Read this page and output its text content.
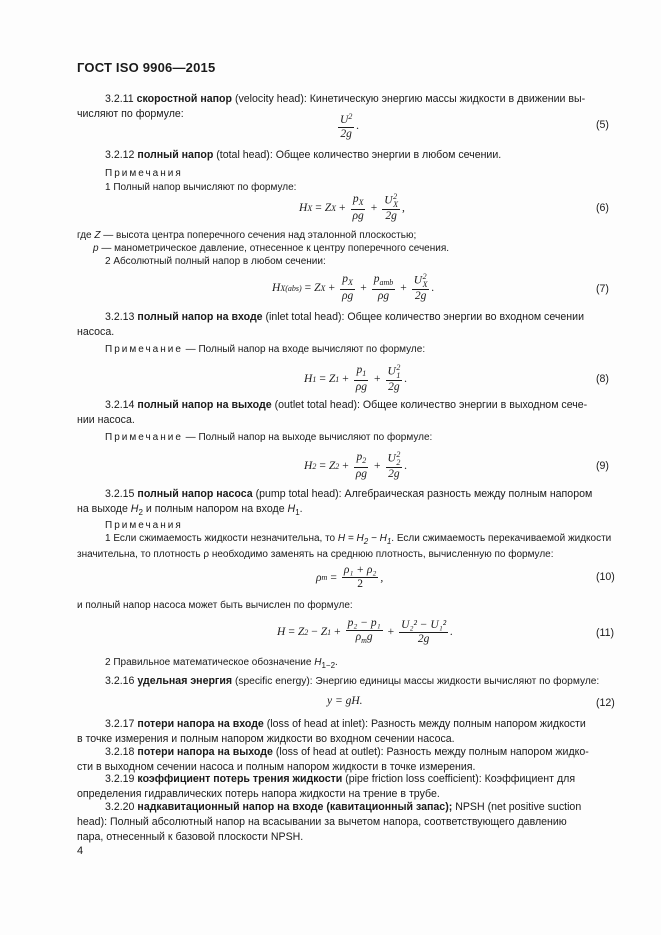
ГОСТ ISO 9906—2015
3.2.11 скоростной напор (velocity head): Кинетическую энергию массы жидкости в движении вы-
числяют по формуле:	$\frac{U^2}{2g}$ .	(5)
3.2.12 полный напор (total head): Общее количество энергии в любом сечении.
Примечания
1 Полный напор вычисляют по формуле:
H X = Z $X + \frac{p_X}{\rho g} + U$ 2
X
2g ,	(6)
где Z — высота центра поперечного сечения над эталонной плоскостью;
p — манометрическое давление, отнесенное к центру поперечного сечения.
2 Абсолютный полный напор в любом сечении:
H X(abs) = Z $X + \frac{p_X}{\rho g} + \frac{p_{amb}}{\rho g} + U$ 2
X
2g .	(7)
3.2.13 полный напор на входе (inlet total head): Общее количество энергии во входном сечении
насоса.
Примечание — Полный напор на входе вычисляют по формуле:
H 1 = Z $1 + \frac{p_1}{\rho g} + U$ 2
1
2g .	(8)
3.2.14 полный напор на выходе (outlet total head): Общее количество энергии в выходном сече-
нии насоса.
Примечание — Полный напор на выходе вычисляют по формуле:
H 2 = Z $2 + \frac{p_2}{\rho g} + U$ 2
2
2g .	(9)
3.2.15 полный напор насоса (pump total head): Алгебраическая разность между полным напором
на выходе $H_2$ и полным напором на входе $H_1$.
Примечания
1 Если сжимаемость жидкости незначительна, то $H = H_2 - H_1$. Если сжимаемость перекачиваемой жидкости
значительна, то плотность ρ необходимо заменять на среднюю плотность, вычисленную по формуле:
ρ $m = \frac{\text{ρ₁ + ρ₂}}{2}$ ,	(10)
и полный напор насоса может быть вычислен по формуле:
H = Z 2 − Z $1 + \frac{\text{p₂ − p₁}}{\rho_mg} + \frac{\text{U₂² − U₁²}}{2g}$ .	(11)
2 Правильное математическое обозначение $H_{1-2}$.
3.2.16 удельная энергия (specific energy): Энергию единицы массы жидкости вычисляют по формуле:
y = gH.	(12)
3.2.17 потери напора на входе (loss of head at inlet): Разность между полным напором жидкости
в точке измерения и полным напором жидкости во входном сечении насоса.
3.2.18 потери напора на выходе (loss of head at outlet): Разность между полным напором жидко-
сти в выходном сечении насоса и полным напором жидкости в точке измерения.
3.2.19 коэффициент потерь трения жидкости (pipe friction loss coefficient): Коэффициент для
определения гидравлических потерь напора жидкости на трение в трубе.
3.2.20 надкавитационный напор на входе (кавитационный запас); NPSH (net positive suction
head): Полный абсолютный напор на всасывании за вычетом напора, соответствующего давлению
пара, отнесенный к базовой плоскости NPSH.
4
